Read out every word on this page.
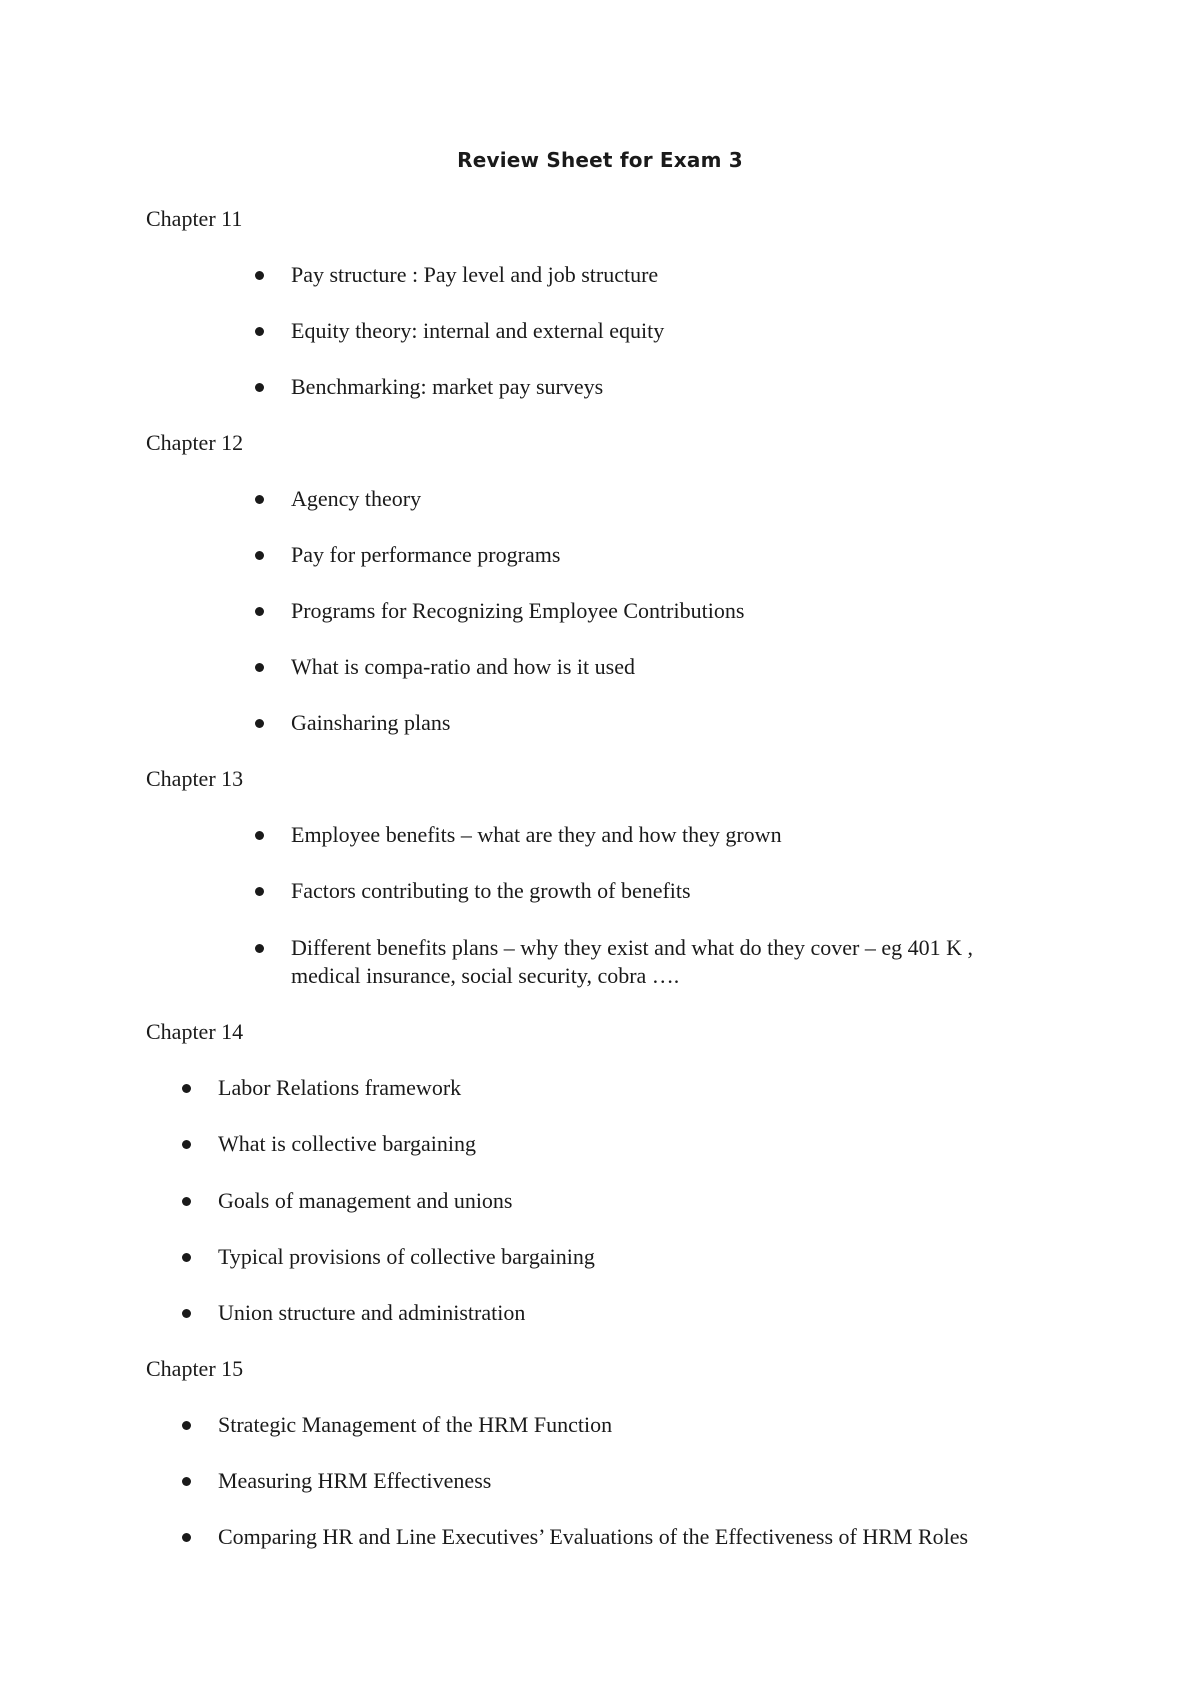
Review Sheet for Exam 3
Chapter 11
Pay structure : Pay level and job structure
Equity theory: internal and external equity
Benchmarking: market pay surveys
Chapter 12
Agency theory
Pay for performance programs
Programs for Recognizing Employee Contributions
What is compa-ratio and how is it used
Gainsharing plans
Chapter 13
Employee benefits – what are they and how they grown
Factors contributing to the growth of benefits
Different benefits plans – why they exist and what do they cover – eg 401 K ,
medical insurance, social security, cobra ….
Chapter 14
Labor Relations framework
What is collective bargaining
Goals of management and unions
Typical provisions of collective bargaining
Union structure and administration
Chapter 15
Strategic Management of the HRM Function
Measuring HRM Effectiveness
Comparing HR and Line Executives’ Evaluations of the Effectiveness of HRM Roles
